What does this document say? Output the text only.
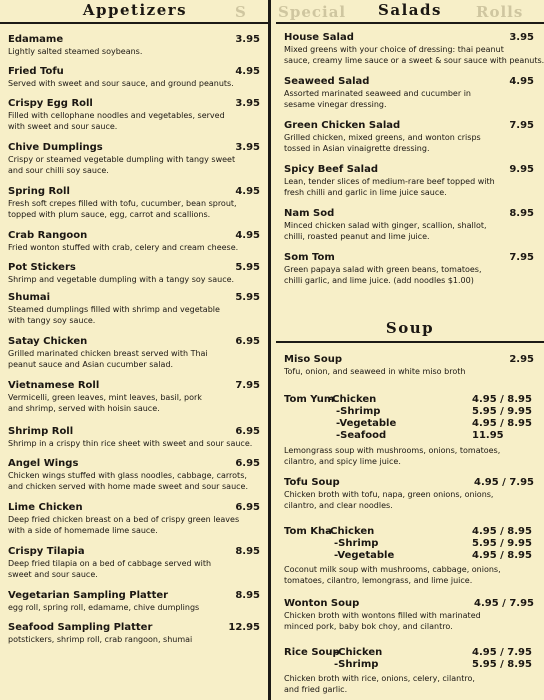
Appetizers	S
Edamame	3.95
Lightly salted steamed soybeans.
Fried Tofu	4.95
Served with sweet and sour sauce, and ground peanuts.
Crispy Egg Roll	3.95
Filled with cellophane noodles and vegetables, served
with sweet and sour sauce.
Chive Dumplings	3.95
Crispy or steamed vegetable dumpling with tangy sweet
and sour chilli soy sauce.
Spring Roll	4.95
Fresh soft crepes filled with tofu, cucumber, bean sprout,
topped with plum sauce, egg, carrot and scallions.
Crab Rangoon	4.95
Fried wonton stuffed with crab, celery and cream cheese.
Pot Stickers	5.95
Shrimp and vegetable dumpling with a tangy soy sauce.
Shumai	5.95
Steamed dumplings filled with shrimp and vegetable
with tangy soy sauce.
Satay Chicken	6.95
Grilled marinated chicken breast served with Thai
peanut sauce and Asian cucumber salad.
Vietnamese Roll	7.95
Vermicelli, green leaves, mint leaves, basil, pork
and shrimp, served with hoisin sauce.
Shrimp Roll	6.95
Shrimp in a crispy thin rice sheet with sweet and sour sauce.
Angel Wings	6.95
Chicken wings stuffed with glass noodles, cabbage, carrots,
and chicken served with home made sweet and sour sauce.
Lime Chicken	6.95
Deep fried chicken breast on a bed of crispy green leaves
with a side of homemade lime sauce.
Crispy Tilapia	8.95
Deep fried tilapia on a bed of cabbage served with
sweet and sour sauce.
Vegetarian Sampling Platter	8.95
egg roll, spring roll, edamame, chive dumplings
Seafood Sampling Platter	12.95
potstickers, shrimp roll, crab rangoon, shumai
Salads
Special	Rolls
House Salad	3.95
Mixed greens with your choice of dressing: thai peanut
sauce, creamy lime sauce or a sweet & sour sauce with peanuts.
Seaweed Salad	4.95
Assorted marinated seaweed and cucumber in
sesame vinegar dressing.
Green Chicken Salad	7.95
Grilled chicken, mixed greens, and wonton crisps
tossed in Asian vinaigrette dressing.
Spicy Beef Salad	9.95
Lean, tender slices of medium-rare beef topped with
fresh chilli and garlic in lime juice sauce.
Nam Sod	8.95
Minced chicken salad with ginger, scallion, shallot,
chilli, roasted peanut and lime juice.
Som Tom	7.95
Green papaya salad with green beans, tomatoes,
chilli garlic, and lime juice. (add noodles $1.00)
Soup
Miso Soup	2.95
Tofu, onion, and seaweed in white miso broth
Tom Yum
-Chicken	4.95 / 8.95
-Shrimp	5.95 / 9.95
-Vegetable	4.95 / 8.95
-Seafood	11.95
Lemongrass soup with mushrooms, onions, tomatoes,
cilantro, and spicy lime juice.
Tofu Soup	4.95 / 7.95
Chicken broth with tofu, napa, green onions, onions,
cilantro, and clear noodles.
Tom Kha
-Chicken	4.95 / 8.95
-Shrimp	5.95 / 9.95
-Vegetable	4.95 / 8.95
Coconut milk soup with mushrooms, cabbage, onions,
tomatoes, cilantro, lemongrass, and lime juice.
Wonton Soup	4.95 / 7.95
Chicken broth with wontons filled with marinated
minced pork, baby bok choy, and cilantro.
Rice Soup
-Chicken	4.95 / 7.95
-Shrimp	5.95 / 8.95
Chicken broth with rice, onions, celery, cilantro,
and fried garlic.
